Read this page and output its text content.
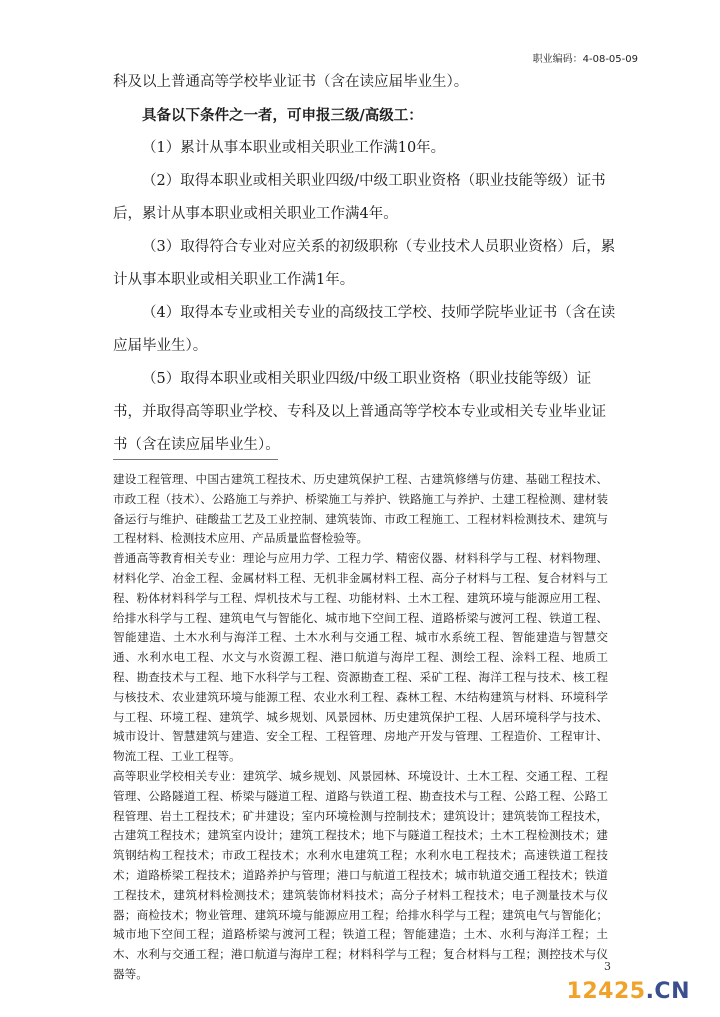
职业编码：4-08-05-09

科及以上普通高等学校毕业证书（含在读应届毕业生）。

具备以下条件之一者，可申报三级/高级工：

（1）累计从事本职业或相关职业工作满10年。

（2）取得本职业或相关职业四级/中级工职业资格（职业技能等级）证书后，累计从事本职业或相关职业工作满4年。

（3）取得符合专业对应关系的初级职称（专业技术人员职业资格）后，累计从事本职业或相关职业工作满1年。

（4）取得本专业或相关专业的高级技工学校、技师学院毕业证书（含在读应届毕业生）。

（5）取得本职业或相关职业四级/中级工职业资格（职业技能等级）证书，并取得高等职业学校、专科及以上普通高等学校本专业或相关专业毕业证书（含在读应届毕业生）。

建设工程管理、中国古建筑工程技术、历史建筑保护工程、古建筑修缮与仿建、基础工程技术、市政工程（技术）、公路施工与养护、桥梁施工与养护、铁路施工与养护、土建工程检测、建材装备运行与维护、硅酸盐工艺及工业控制、建筑装饰、市政工程施工、工程材料检测技术、建筑与工程材料、检测技术应用、产品质量监督检验等。

普通高等教育相关专业：理论与应用力学、工程力学、精密仪器、材料科学与工程、材料物理、材料化学、冶金工程、金属材料工程、无机非金属材料工程、高分子材料与工程、复合材料与工程、粉体材料科学与工程、焊机技术与工程、功能材料、土木工程、建筑环境与能源应用工程、给排水科学与工程、建筑电气与智能化、城市地下空间工程、道路桥梁与渡河工程、铁道工程、智能建造、土木水利与海洋工程、土木水利与交通工程、城市水系统工程、智能建造与智慧交通、水利水电工程、水文与水资源工程、港口航道与海岸工程、测绘工程、涂料工程、地质工程、勘查技术与工程、地下水科学与工程、资源勘查工程、采矿工程、海洋工程与技术、核工程与核技术、农业建筑环境与能源工程、农业水利工程、森林工程、木结构建筑与材料、环境科学与工程、环境工程、建筑学、城乡规划、风景园林、历史建筑保护工程、人居环境科学与技术、城市设计、智慧建筑与建造、安全工程、工程管理、房地产开发与管理、工程造价、工程审计、物流工程、工业工程等。

高等职业学校相关专业：建筑学、城乡规划、风景园林、环境设计、土木工程、交通工程、工程管理、公路隧道工程、桥梁与隧道工程、道路与铁道工程、勘查技术与工程、公路工程、公路工程管理、岩土工程技术；矿井建设；室内环境检测与控制技术；建筑设计；建筑装饰工程技术，古建筑工程技术；建筑室内设计；建筑工程技术；地下与隧道工程技术；土木工程检测技术；建筑钢结构工程技术；市政工程技术；水利水电建筑工程；水利水电工程技术；高速铁道工程技术；道路桥梁工程技术；道路养护与管理；港口与航道工程技术；城市轨道交通工程技术；铁道工程技术，建筑材料检测技术；建筑装饰材料技术；高分子材料工程技术；电子测量技术与仪器；商检技术；物业管理、建筑环境与能源应用工程；给排水科学与工程；建筑电气与智能化；城市地下空间工程；道路桥梁与渡河工程；铁道工程；智能建造；土木、水利与海洋工程；土木、水利与交通工程；港口航道与海岸工程；材料科学与工程；复合材料与工程；测控技术与仪器等。

3
12425.CN
